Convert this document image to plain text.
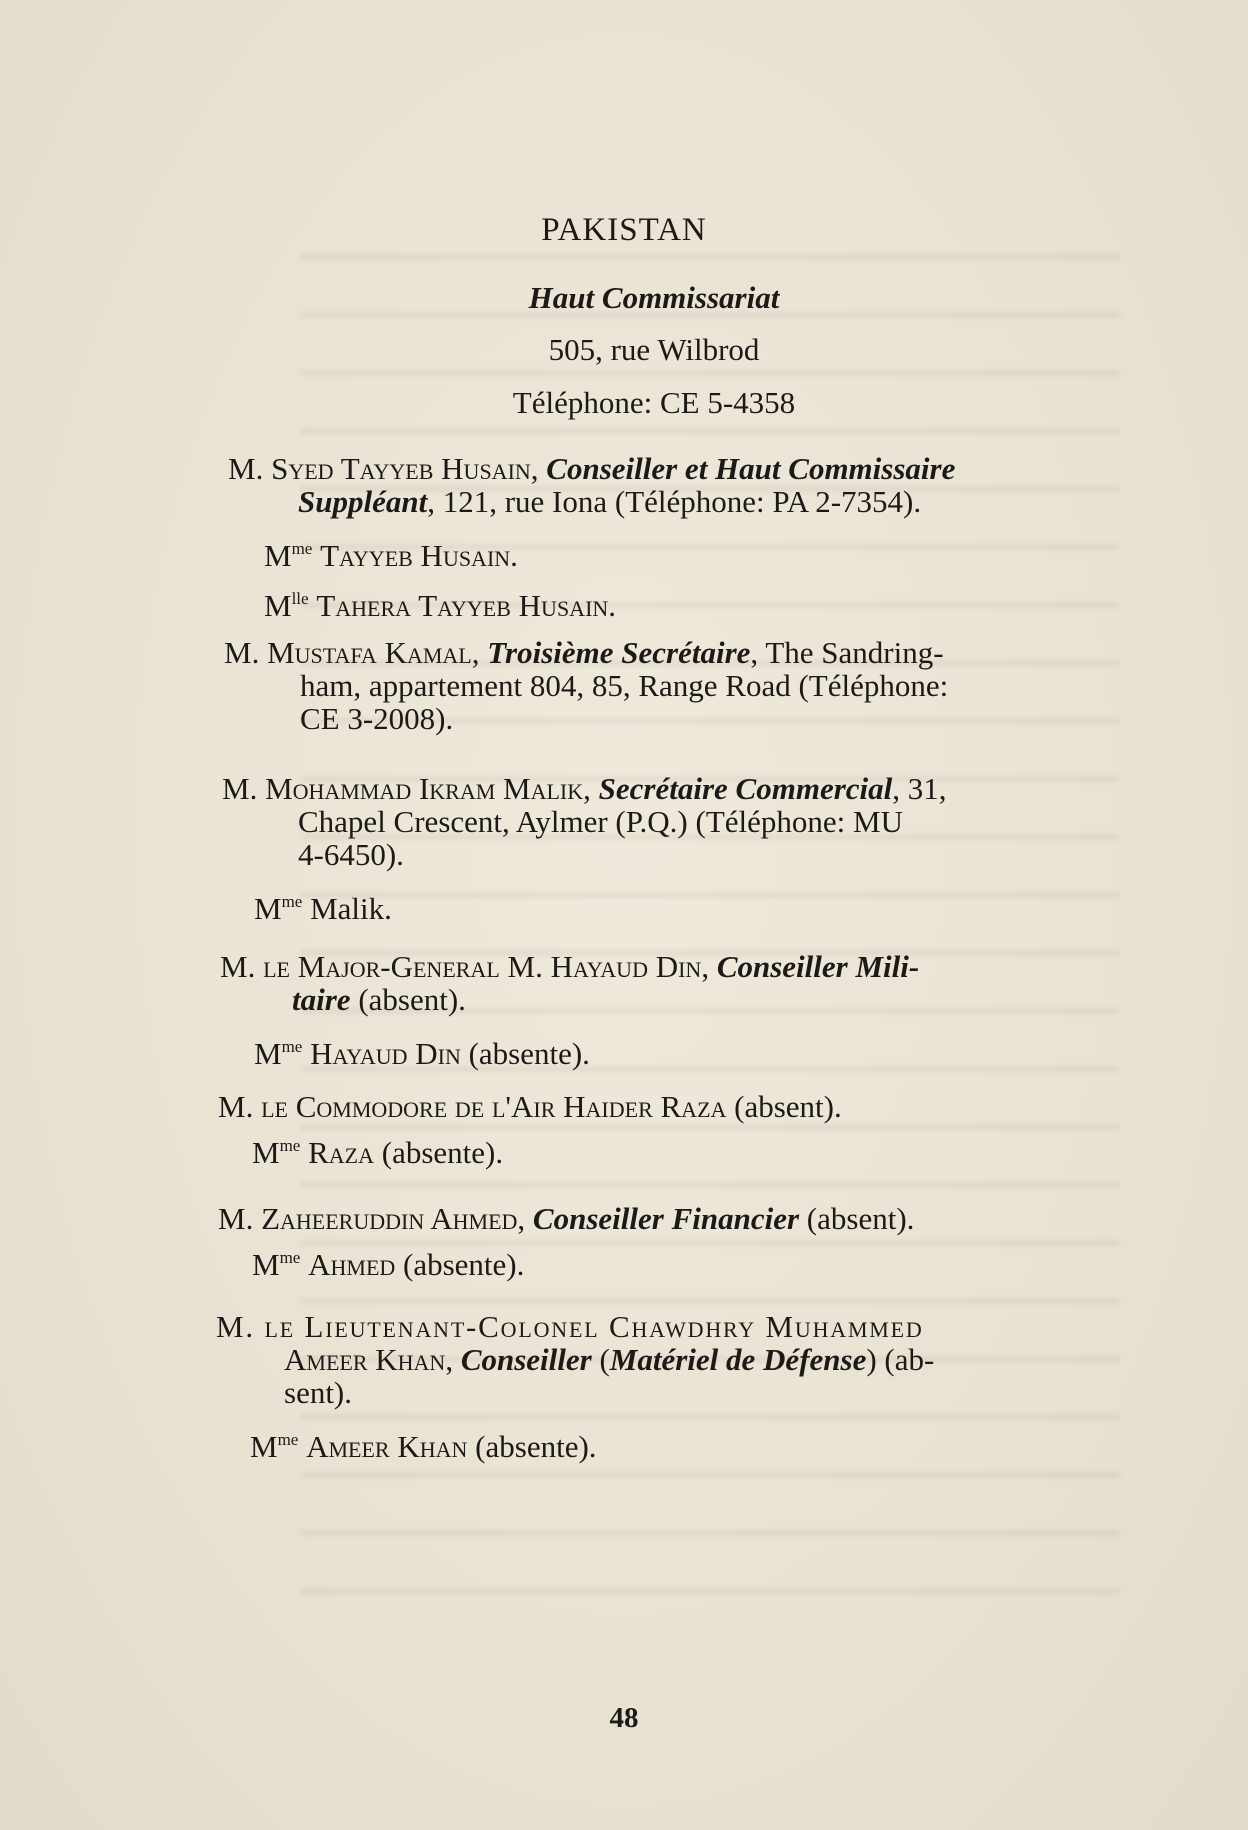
PAKISTAN
Haut Commissariat
505, rue Wilbrod
Téléphone: CE 5-4358
M. Syed Tayyeb Husain, Conseiller et Haut Commissaire
Suppléant, 121, rue Iona (Téléphone: PA 2-7354).
$M^{me}$ Tayyeb Husain.
$M^{lle}$ Tahera Tayyeb Husain.
M. Mustafa Kamal, Troisième Secrétaire, The Sandring-
ham, appartement 804, 85, Range Road (Téléphone:
CE 3-2008).
M. Mohammad Ikram Malik, Secrétaire Commercial, 31,
Chapel Crescent, Aylmer (P.Q.) (Téléphone: MU
4-6450).
$M^{me}$ Malik.
M. le Major-General M. Hayaud Din, Conseiller Mili-
taire (absent).
$M^{me}$ Hayaud Din (absente).
M. le Commodore de l'Air Haider Raza (absent).
$M^{me}$ Raza (absente).
M. Zaheeruddin Ahmed, Conseiller Financier (absent).
$M^{me}$ Ahmed (absente).
M. le Lieutenant-Colonel Chawdhry Muhammed
Ameer Khan, Conseiller (Matériel de Défense) (ab-
sent).
$M^{me}$ Ameer Khan (absente).
48
